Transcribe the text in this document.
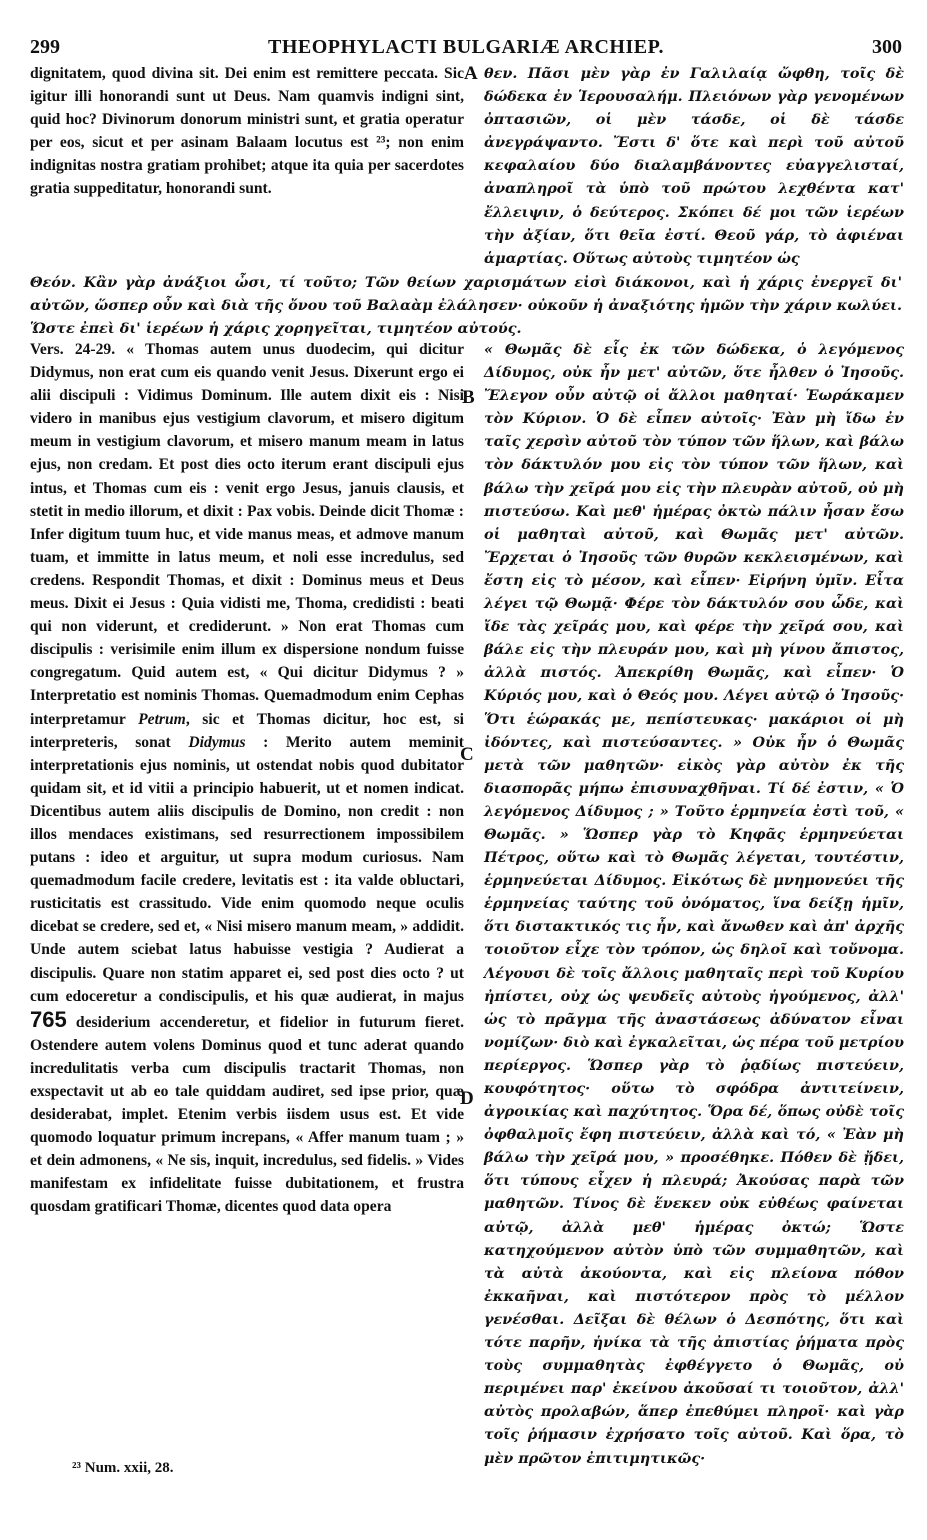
299	THEOPHYLACTI BULGARIÆ ARCHIEP.	300

dignitatem, quod divina sit. Dei enim est remittere peccata. Sic igitur illi honorandi sunt ut Deus. Nam quamvis indigni sint, quid hoc? Divinorum donorum ministri sunt, et gratia operatur per eos, sicut et per asinam Balaam locutus est ²³; non enim indignitas nostra gratiam prohibet; atque ita quia per sacerdotes gratia suppeditatur, honorandi sunt.

θεν. Πᾶσι μὲν γὰρ ἐν Γαλιλαίᾳ ὤφθη, τοῖς δὲ δώδεκα ἐν Ἱερουσαλήμ. Πλειόνων γὰρ γενομένων ὀπτασιῶν, οἱ μὲν τάσδε, οἱ δὲ τάσδε ἀνεγράψαντο. Ἔστι δ' ὅτε καὶ περὶ τοῦ αὐτοῦ κεφαλαίου δύο διαλαμβάνοντες εὐαγγελισταί, ἀναπληροῖ τὰ ὑπὸ τοῦ πρώτου λεχθέντα κατ' ἔλλειψιν, ὁ δεύτερος. Σκόπει δέ μοι τῶν ἱερέων τὴν ἀξίαν, ὅτι θεῖα ἐστί. Θεοῦ γάρ, τὸ ἀφιέναι ἁμαρτίας. Οὕτως αὐτοὺς τιμητέον ὡς

A

Θεόν. Κἂν γὰρ ἀνάξιοι ὦσι, τί τοῦτο; Τῶν θείων χαρισμάτων εἰσὶ διάκονοι, καὶ ἡ χάρις ἐνεργεῖ δι' αὐτῶν, ὥσπερ οὖν καὶ διὰ τῆς ὄνου τοῦ Βαλαὰμ ἐλάλησεν· οὐκοῦν ἡ ἀναξιότης ἡμῶν τὴν χάριν κωλύει. Ὥστε ἐπεὶ δι' ἱερέων ἡ χάρις χορηγεῖται, τιμητέον αὐτούς.

Vers. 24-29. « Thomas autem unus duodecim, qui dicitur Didymus, non erat cum eis quando venit Jesus. Dixerunt ergo ei alii discipuli : Vidimus Dominum. Ille autem dixit eis : Nisi videro in manibus ejus vestigium clavorum, et misero digitum meum in vestigium clavorum, et misero manum meam in latus ejus, non credam. Et post dies octo iterum erant discipuli ejus intus, et Thomas cum eis : venit ergo Jesus, januis clausis, et stetit in medio illorum, et dixit : Pax vobis. Deinde dicit Thomæ : Infer digitum tuum huc, et vide manus meas, et admove manum tuam, et immitte in latus meum, et noli esse incredulus, sed credens. Respondit Thomas, et dixit : Dominus meus et Deus meus. Dixit ei Jesus : Quia vidisti me, Thoma, credidisti : beati qui non viderunt, et crediderunt. » Non erat Thomas cum discipulis : verisimile enim illum ex dispersione nondum fuisse congregatum. Quid autem est, « Qui dicitur Didymus ? » Interpretatio est nominis Thomas. Quemadmodum enim Cephas interpretamur Petrum, sic et Thomas dicitur, hoc est, si interpreteris, sonat Didymus : Merito autem meminit interpretationis ejus nominis, ut ostendat nobis quod dubitator quidam sit, et id vitii a principio habuerit, ut et nomen indicat. Dicentibus autem aliis discipulis de Domino, non credit : non illos mendaces existimans, sed resurrectionem impossibilem putans : ideo et arguitur, ut supra modum curiosus. Nam quemadmodum facile credere, levitatis est : ita valde obluctari, rusticitatis est crassitudo. Vide enim quomodo neque oculis dicebat se credere, sed et, « Nisi misero manum meam, » addidit. Unde autem sciebat latus habuisse vestigia ? Audierat a discipulis. Quare non statim apparet ei, sed post dies octo ? ut cum edoceretur a condiscipulis, et his quæ audierat, in majus 765 desiderium accenderetur, et fidelior in futurum fieret. Ostendere autem volens Dominus quod et tunc aderat quando incredulitatis verba cum discipulis tractarit Thomas, non exspectavit ut ab eo tale quiddam audiret, sed ipse prior, quæ desiderabat, implet. Etenim verbis iisdem usus est. Et vide quomodo loquatur primum increpans, « Affer manum tuam ; » et dein admonens, « Ne sis, inquit, incredulus, sed fidelis. » Vides manifestam ex infidelitate fuisse dubitationem, et frustra quosdam gratificari Thomæ, dicentes quod data opera

« Θωμᾶς δὲ εἷς ἐκ τῶν δώδεκα, ὁ λεγόμενος Δίδυμος, οὐκ ἦν μετ' αὐτῶν, ὅτε ἦλθεν ὁ Ἰησοῦς. Ἔλεγον οὖν αὐτῷ οἱ ἄλλοι μαθηταί· Ἑωράκαμεν τὸν Κύριον. Ὁ δὲ εἶπεν αὐτοῖς· Ἐὰν μὴ ἴδω ἐν ταῖς χερσὶν αὐτοῦ τὸν τύπον τῶν ἥλων, καὶ βάλω τὸν δάκτυλόν μου εἰς τὸν τύπον τῶν ἥλων, καὶ βάλω τὴν χεῖρά μου εἰς τὴν πλευρὰν αὐτοῦ, οὐ μὴ πιστεύσω. Καὶ μεθ' ἡμέρας ὀκτὼ πάλιν ἦσαν ἔσω οἱ μαθηταὶ αὐτοῦ, καὶ Θωμᾶς μετ' αὐτῶν. Ἔρχεται ὁ Ἰησοῦς τῶν θυρῶν κεκλεισμένων, καὶ ἔστη εἰς τὸ μέσον, καὶ εἶπεν· Εἰρήνη ὑμῖν. Εἶτα λέγει τῷ Θωμᾷ· Φέρε τὸν δάκτυλόν σου ὧδε, καὶ ἴδε τὰς χεῖράς μου, καὶ φέρε τὴν χεῖρά σου, καὶ βάλε εἰς τὴν πλευράν μου, καὶ μὴ γίνου ἄπιστος, ἀλλὰ πιστός. Ἀπεκρίθη Θωμᾶς, καὶ εἶπεν· Ὁ Κύριός μου, καὶ ὁ Θεός μου. Λέγει αὐτῷ ὁ Ἰησοῦς· Ὅτι ἑώρακάς με, πεπίστευκας· μακάριοι οἱ μὴ ἰδόντες, καὶ πιστεύσαντες. » Οὐκ ἦν ὁ Θωμᾶς μετὰ τῶν μαθητῶν· εἰκὸς γὰρ αὐτὸν ἐκ τῆς διασπορᾶς μήπω ἐπισυναχθῆναι. Τί δέ ἐστιν, « Ὁ λεγόμενος Δίδυμος ; » Τοῦτο ἑρμηνεία ἐστὶ τοῦ, « Θωμᾶς. » Ὥσπερ γὰρ τὸ Κηφᾶς ἑρμηνεύεται Πέτρος, οὕτω καὶ τὸ Θωμᾶς λέγεται, τουτέστιν, ἑρμηνεύεται Δίδυμος. Εἰκότως δὲ μνημονεύει τῆς ἑρμηνείας ταύτης τοῦ ὀνόματος, ἵνα δείξῃ ἡμῖν, ὅτι διστακτικός τις ἦν, καὶ ἄνωθεν καὶ ἀπ' ἀρχῆς τοιοῦτον εἶχε τὸν τρόπον, ὡς δηλοῖ καὶ τοὔνομα. Λέγουσι δὲ τοῖς ἄλλοις μαθηταῖς περὶ τοῦ Κυρίου ἠπίστει, οὐχ ὡς ψευδεῖς αὐτοὺς ἡγούμενος, ἀλλ' ὡς τὸ πρᾶγμα τῆς ἀναστάσεως ἀδύνατον εἶναι νομίζων· διὸ καὶ ἐγκαλεῖται, ὡς πέρα τοῦ μετρίου περίεργος. Ὥσπερ γὰρ τὸ ῥᾳδίως πιστεύειν, κουφότητος· οὕτω τὸ σφόδρα ἀντιτείνειν, ἀγροικίας καὶ παχύτητος. Ὅρα δέ, ὅπως οὐδὲ τοῖς ὀφθαλμοῖς ἔφη πιστεύειν, ἀλλὰ καὶ τό, « Ἐὰν μὴ βάλω τὴν χεῖρά μου, » προσέθηκε. Πόθεν δὲ ᾔδει, ὅτι τύπους εἶχεν ἡ πλευρά; Ἀκούσας παρὰ τῶν μαθητῶν. Τίνος δὲ ἕνεκεν οὐκ εὐθέως φαίνεται αὐτῷ, ἀλλὰ μεθ' ἡμέρας ὀκτώ; Ὥστε κατηχούμενον αὐτὸν ὑπὸ τῶν συμμαθητῶν, καὶ τὰ αὐτὰ ἀκούοντα, καὶ εἰς πλείονα πόθον ἐκκαῆναι, καὶ πιστότερον πρὸς τὸ μέλλον γενέσθαι. Δεῖξαι δὲ θέλων ὁ Δεσπότης, ὅτι καὶ τότε παρῆν, ἡνίκα τὰ τῆς ἀπιστίας ῥήματα πρὸς τοὺς συμμαθητὰς ἐφθέγγετο ὁ Θωμᾶς, οὐ περιμένει παρ' ἐκείνου ἀκοῦσαί τι τοιοῦτον, ἀλλ' αὐτὸς προλαβών, ἅπερ ἐπεθύμει πληροῖ· καὶ γὰρ τοῖς ῥήμασιν ἐχρήσατο τοῖς αὐτοῦ. Καὶ ὅρα, τὸ μὲν πρῶτον ἐπιτιμητικῶς·

B
C
D
²³ Num. xxii, 28.
